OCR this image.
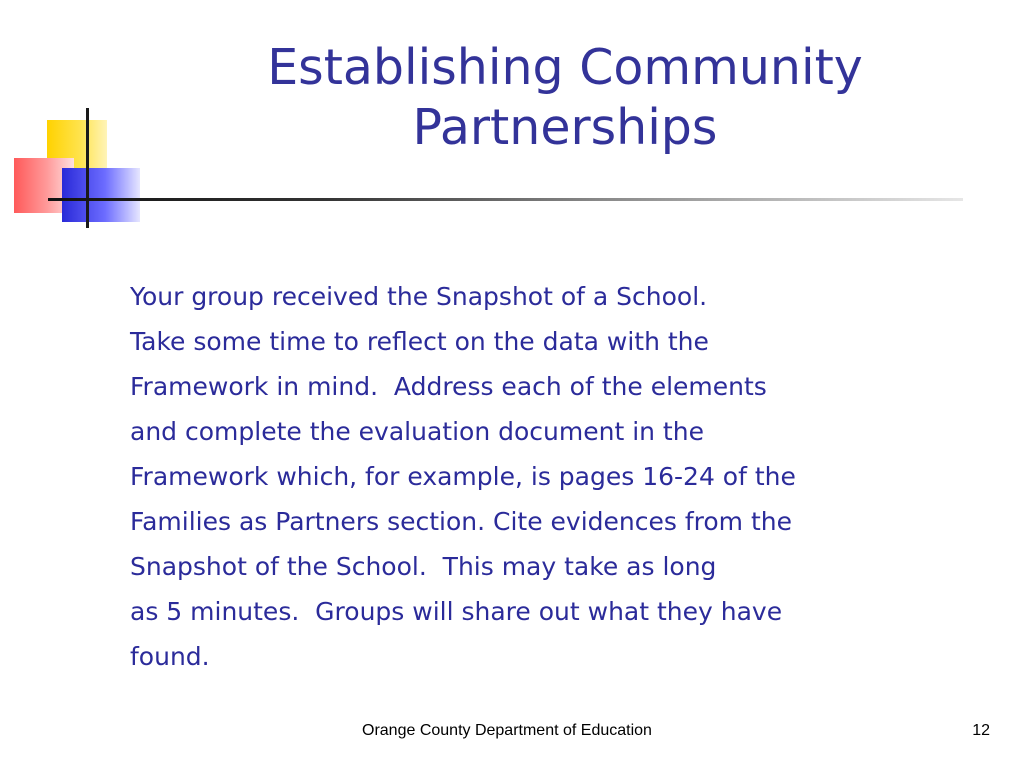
Establishing Community
Partnerships
Your group received the Snapshot of a School.
Take some time to reflect on the data with the
Framework in mind.  Address each of the elements
and complete the evaluation document in the
Framework which, for example, is pages 16-24 of the
Families as Partners section. Cite evidences from the
Snapshot of the School.  This may take as long
as 5 minutes.  Groups will share out what they have
found.
Orange County Department of Education	12
